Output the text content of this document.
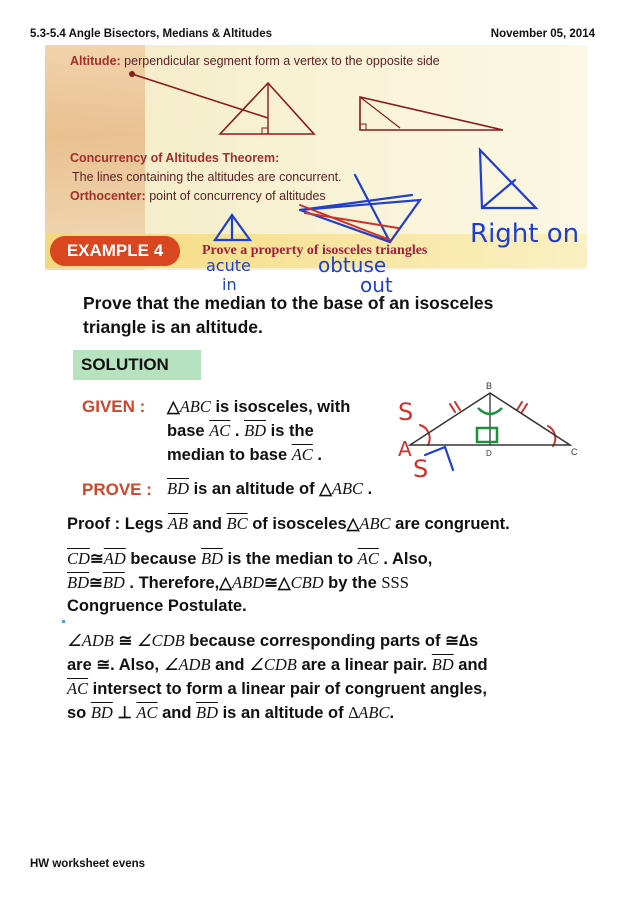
5.3-5.4 Angle Bisectors, Medians & Altitudes	November 05, 2014
Altitude: perpendicular segment form a vertex to the opposite side
Concurrency of Altitudes Theorem:
The lines containing the altitudes are concurrent.
Orthocenter: point of concurrency of altitudes
EXAMPLE 4	Prove a property of isosceles triangles
B
D	C
Right on
acute
in
obtuse
out
S
S
A
Prove that the median to the base of an isosceles
triangle is an altitude.
SOLUTION
GIVEN : △ABC is isosceles, with
base $\overline{AC}$ . $\overline{BD}$ is the
median to base $\overline{AC}$ .
PROVE : $\overline{BD}$ is an altitude of △ABC .
Proof : Legs $\overline{AB}$ and $\overline{BC}$ of isosceles△ABC are congruent.
$\overline{CD}≅\overline{AD}$ because $\overline{BD}$ is the median to $\overline{AC}$ . Also,
$\overline{BD}≅\overline{BD}$ . Therefore,△ABD≅△CBD by the SSS
Congruence Postulate.
∠ADB ≅ ∠CDB because corresponding parts of ≅∆s
are ≅. Also, ∠ADB and ∠CDB are a linear pair. $\overline{BD}$ and
$\overline{AC}$ intersect to form a linear pair of congruent angles,
so $\overline{BD}$ ⊥ $\overline{AC}$ and $\overline{BD}$ is an altitude of ∆ABC.
HW worksheet evens
